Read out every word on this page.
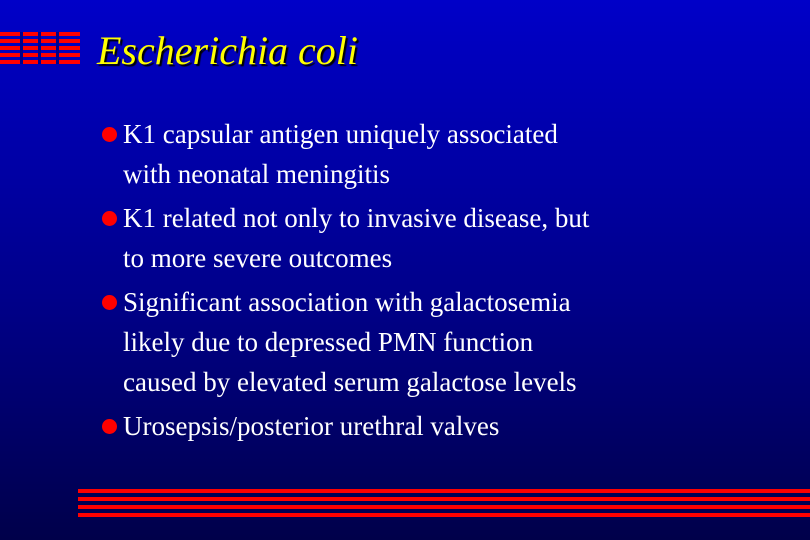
Escherichia coli

K1 capsular antigen uniquely associated

with neonatal meningitis

K1 related not only to invasive disease, but

to more severe outcomes

Significant association with galactosemia

likely due to depressed PMN function

caused by elevated serum galactose levels

Urosepsis/posterior urethral valves
